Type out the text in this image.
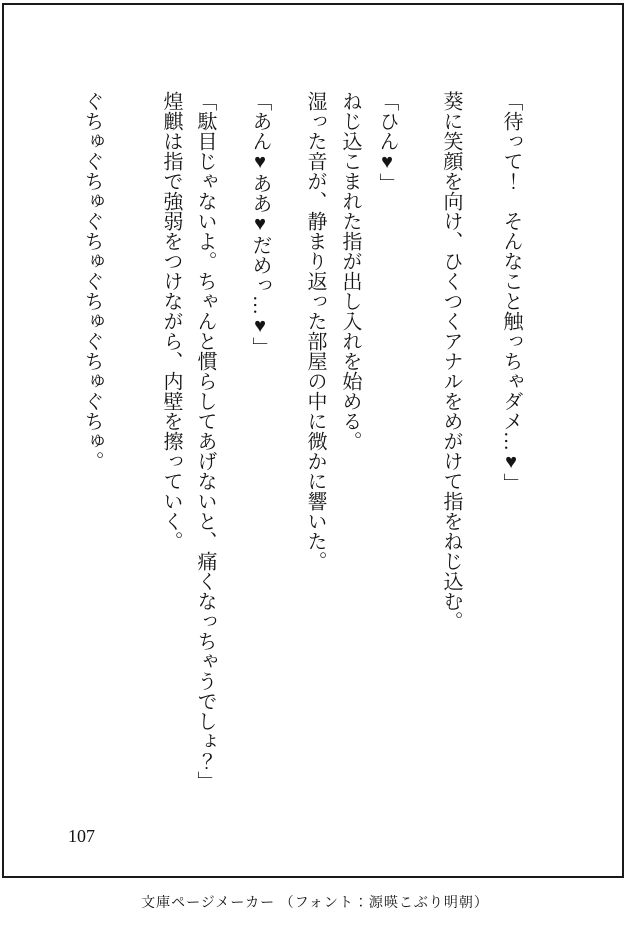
「待って！　そんなこと触っちゃダメ…♥」
葵に笑顔を向け、ひくつくアナルをめがけて指をねじ込む。
「ひん♥」
ねじ込こまれた指が出し入れを始める。
湿った音が、静まり返った部屋の中に微かに響いた。
「あん♥ああ♥だめっ…♥」
「駄目じゃないよ。ちゃんと慣らしてあげないと、痛くなっちゃうでしょ？」
煌麒は指で強弱をつけながら、内壁を擦っていく。
ぐちゅぐちゅぐちゅぐちゅぐちゅぐちゅ。
107
文庫ページメーカー （フォント：源暎こぶり明朝）
